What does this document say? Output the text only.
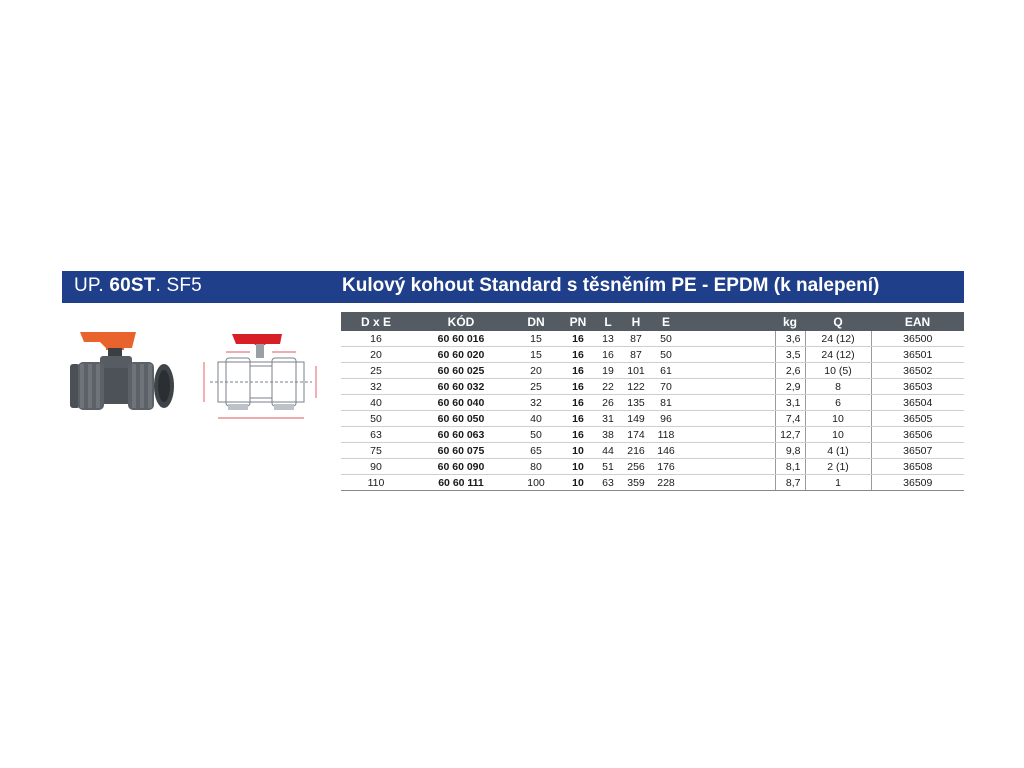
UP. 60ST. SF5	Kulový kohout Standard s těsněním PE - EPDM (k nalepení)
D x E	KÓD	DN	PN	L	H	E		kg	Q	EAN
16	60 60 016	15	16	13	87	50		3,6	24 (12)	36500
20	60 60 020	15	16	16	87	50		3,5	24 (12)	36501
25	60 60 025	20	16	19	101	61		2,6	10 (5)	36502
32	60 60 032	25	16	22	122	70		2,9	8	36503
40	60 60 040	32	16	26	135	81		3,1	6	36504
50	60 60 050	40	16	31	149	96		7,4	10	36505
63	60 60 063	50	16	38	174	118		12,7	10	36506
75	60 60 075	65	10	44	216	146		9,8	4 (1)	36507
90	60 60 090	80	10	51	256	176		8,1	2 (1)	36508
110	60 60 111	100	10	63	359	228		8,7	1	36509
